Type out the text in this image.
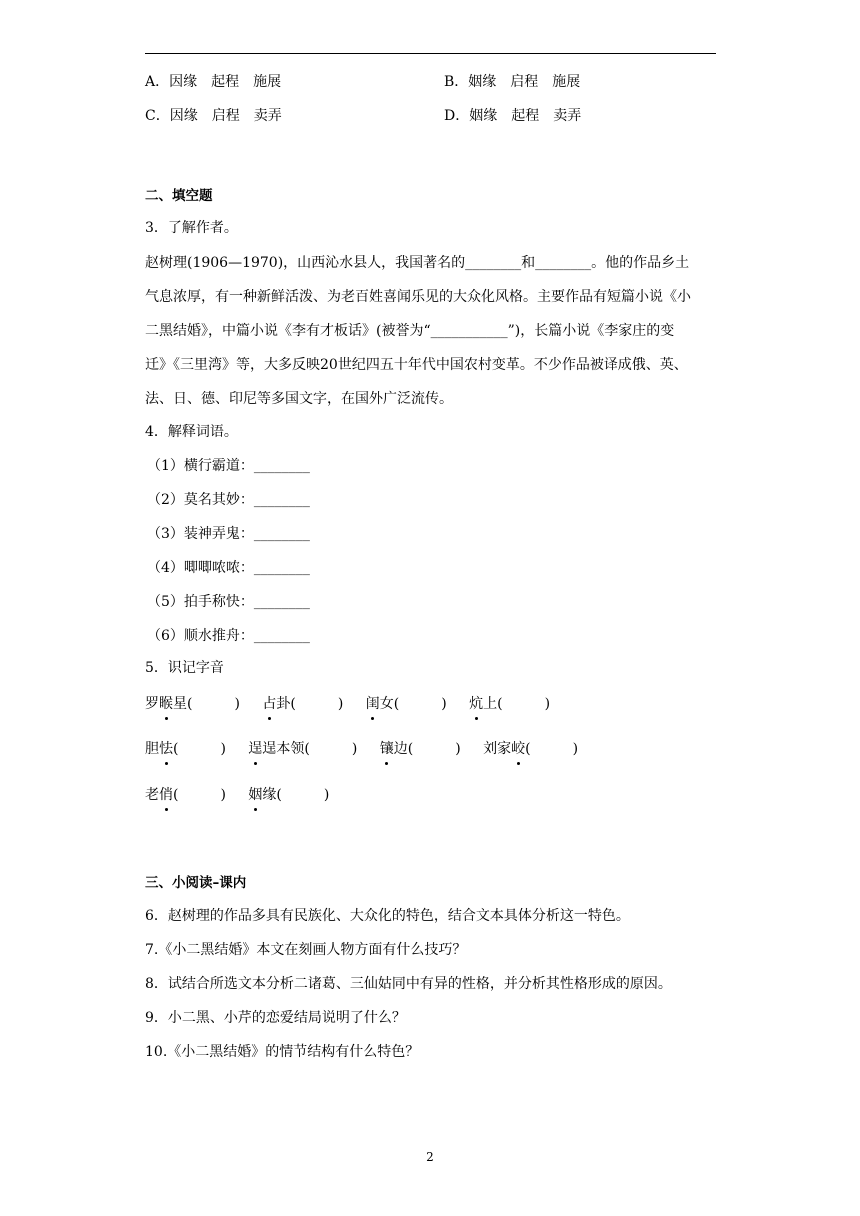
A．因缘　起程　施展	B．姻缘　启程　施展
C．因缘　启程　卖弄	D．姻缘　起程　卖弄
二、填空题
3．了解作者。
赵树理(1906—1970)，山西沁水县人，我国著名的________和________。他的作品乡土
气息浓厚，有一种新鲜活泼、为老百姓喜闻乐见的大众化风格。主要作品有短篇小说《小
二黑结婚》，中篇小说《李有才板话》(被誉为“___________”)，长篇小说《李家庄的变
迁》《三里湾》等，大多反映20世纪四五十年代中国农村变革。不少作品被译成俄、英、
法、日、德、印尼等多国文字，在国外广泛流传。
4．解释词语。
（1）横行霸道：________
（2）莫名其妙：________
（3）装神弄鬼：________
（4）唧唧哝哝：________
（5）拍手称快：________
（6）顺水推舟：________
5．识记字音
罗睺星(　　　) 占卦(　　　) 闺女(　　　) 炕上(　　　)
胆怯(　　　) 逞逞本领(　　　) 镶边(　　　) 刘家峧(　　　)
老俏(　　　) 姻缘(　　　)
三、小阅读–课内
6．赵树理的作品多具有民族化、大众化的特色，结合文本具体分析这一特色。
7.《小二黑结婚》本文在刻画人物方面有什么技巧？
8．试结合所选文本分析二诸葛、三仙姑同中有异的性格，并分析其性格形成的原因。
9．小二黑、小芹的恋爱结局说明了什么？
10.《小二黑结婚》的情节结构有什么特色？
2
